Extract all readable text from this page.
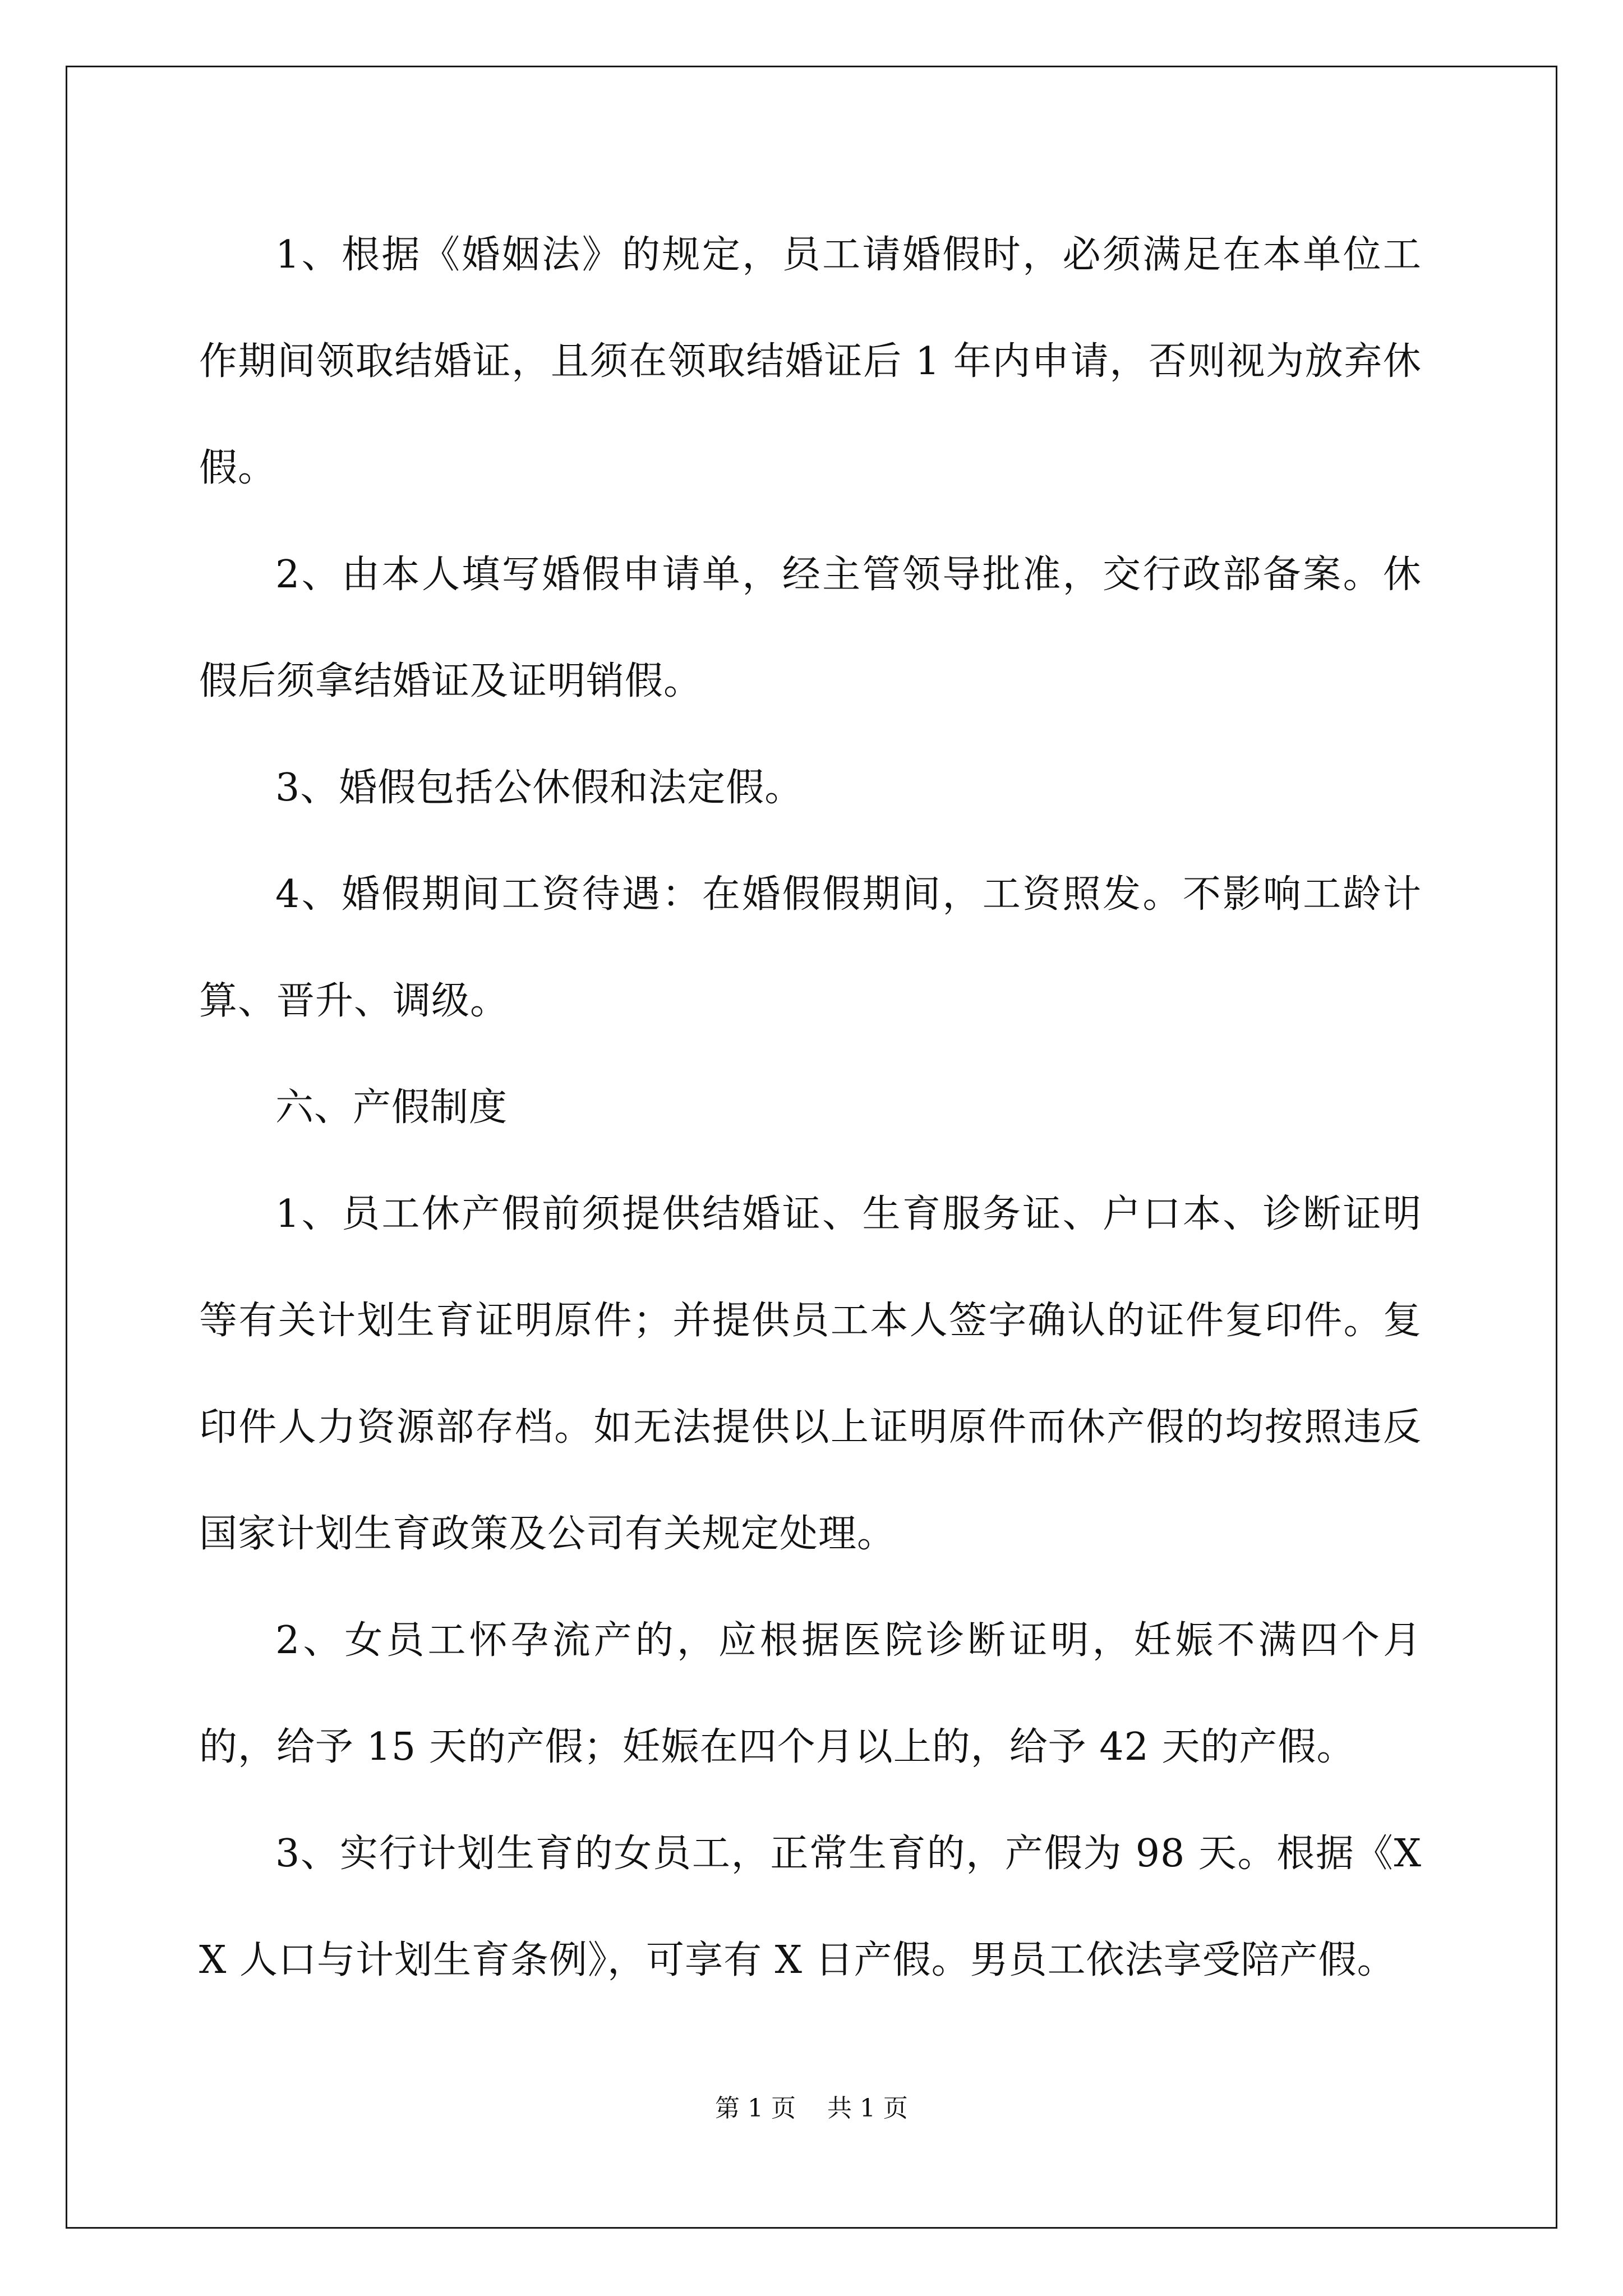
1、根据《婚姻法》的规定，员工请婚假时，必须满足在本单位工作期间领取结婚证，且须在领取结婚证后 1 年内申请，否则视为放弃休假。

2、由本人填写婚假申请单，经主管领导批准，交行政部备案。休假后须拿结婚证及证明销假。

3、婚假包括公休假和法定假。

4、婚假期间工资待遇：在婚假假期间，工资照发。不影响工龄计算、晋升、调级。

六、产假制度

1、员工休产假前须提供结婚证、生育服务证、户口本、诊断证明等有关计划生育证明原件；并提供员工本人签字确认的证件复印件。复印件人力资源部存档。如无法提供以上证明原件而休产假的均按照违反国家计划生育政策及公司有关规定处理。

2、女员工怀孕流产的，应根据医院诊断证明，妊娠不满四个月的，给予 15 天的产假；妊娠在四个月以上的，给予 42 天的产假。

3、实行计划生育的女员工，正常生育的，产假为 98 天。根据《XX 人口与计划生育条例》，可享有 X 日产假。男员工依法享受陪产假。

第 1 页 共 1 页
